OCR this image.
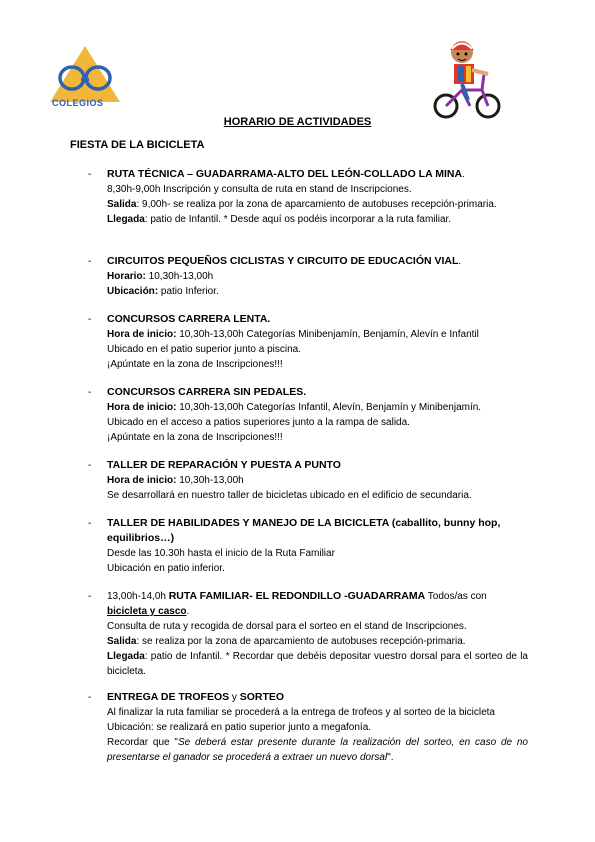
COLEGIOS
HORARIO DE ACTIVIDADES
FIESTA DE LA BICICLETA
- RUTA TÉCNICA – GUADARRAMA-ALTO DEL LEÓN-COLLADO LA MINA.
8,30h-9,00h Inscripción y consulta de ruta en stand de Inscripciones.
Salida: 9,00h- se realiza por la zona de aparcamiento de autobuses recepción-primaria.
Llegada: patio de Infantil. * Desde aquí os podéis incorporar a la ruta familiar.
- CIRCUITOS PEQUEÑOS CICLISTAS Y CIRCUITO DE EDUCACIÓN VIAL.
Horario: 10,30h-13,00h
Ubicación: patio Inferior.
- CONCURSOS CARRERA LENTA.
Hora de inicio: 10,30h-13,00h Categorías Minibenjamín, Benjamín, Alevín e Infantil
Ubicado en el patio superior junto a piscina.
¡Apúntate en la zona de Inscripciones!!!
- CONCURSOS CARRERA SIN PEDALES.
Hora de inicio: 10,30h-13,00h Categorías Infantil, Alevín, Benjamín y Minibenjamín.
Ubicado en el acceso a patios superiores junto a la rampa de salida.
¡Apúntate en la zona de Inscripciones!!!
- TALLER DE REPARACIÓN Y PUESTA A PUNTO
Hora de inicio: 10,30h-13,00h
Se desarrollará en nuestro taller de bicicletas ubicado en el edificio de secundaria.
- TALLER DE HABILIDADES Y MANEJO DE LA BICICLETA (caballito, bunny hop, equilibrios…)
Desde las 10.30h hasta el inicio de la Ruta Familiar
Ubicación en patio inferior.
- 13,00h-14,0h RUTA FAMILIAR- EL REDONDILLO -GUADARRAMA Todos/as con bicicleta y casco.
Consulta de ruta y recogida de dorsal para el sorteo en el stand de Inscripciones.
Salida: se realiza por la zona de aparcamiento de autobuses recepción-primaria.
Llegada: patio de Infantil. * Recordar que debéis depositar vuestro dorsal para el sorteo de la bicicleta.
- ENTREGA DE TROFEOS y SORTEO
Al finalizar la ruta familiar se procederá a la entrega de trofeos y al sorteo de la bicicleta
Ubicación: se realizará en patio superior junto a megafonía.
Recordar que "Se deberá estar presente durante la realización del sorteo, en caso de no presentarse el ganador se procederá a extraer un nuevo dorsal".
